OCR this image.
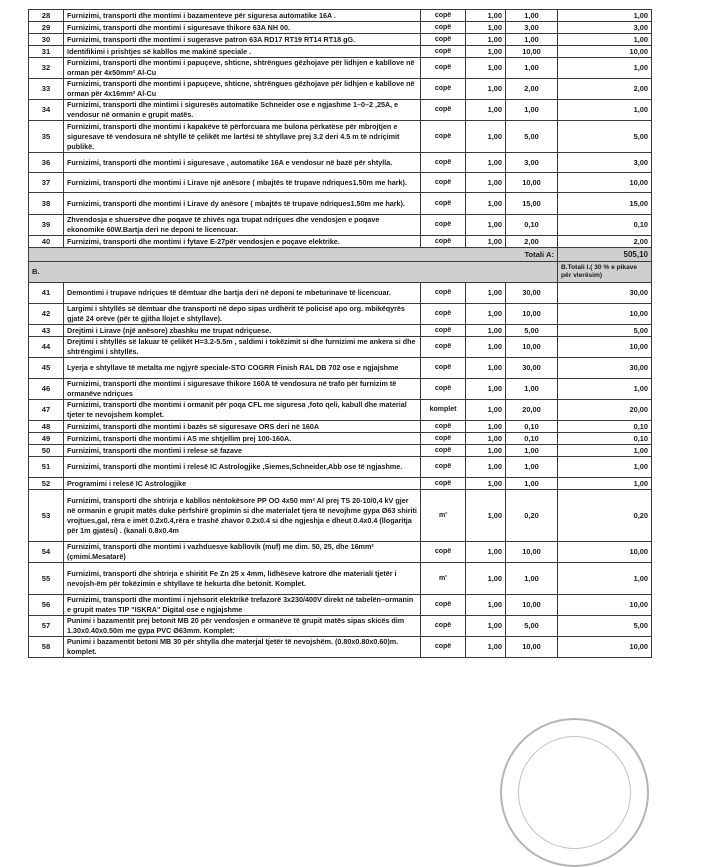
28	Furnizimi, transporti dhe montimi i bazamenteve për siguresa automatike 16A .	copë	1,00	1,00	1,00
29	Furnizimi, transporti dhe montimi i siguresave thikore 63A NH 00.	copë	1,00	3,00	3,00
30	Furnizimi, transporti dhe montimi i sugerasve patron 63A RD17 RT19 RT14 RT18 gG.	copë	1,00	1,00	1,00
31	Identifikimi i prishtjes së kabllos me makinë speciale .	copë	1,00	10,00	10,00
32	Furnizimi, transporti dhe montimi i papuçeve, shticne, shtrëngues gëzhojave për lidhjen e kabllove në orman për 4x50mm² Al-Cu	copë	1,00	1,00	1,00
33	Furnizimi, transporti dhe montimi i papuçeve, shticne, shtrëngues gëzhojave për lidhjen e kabllove në orman për 4x16mm² Al-Cu	copë	1,00	2,00	2,00
34	Furnizimi, transporti dhe mintimi i siguresës automatike Schneider ose e ngjashme 1–0–2 ,25A, e vendosur në ormanin e grupit matës.	copë	1,00	1,00	1,00
35	Furnizimi, transporti dhe montimi i kapakëve të përforcuara me bulona përkatëse për mbrojtjen e siguresave të vendosura në shtyllë të çelikët me lartësi të shtyllave prej 3.2 deri 4.5 m të ndriçimit publikë.	copë	1,00	5,00	5,00
36	Furnizimi, transporti dhe montimi i siguresave , automatike 16A e vendosur në bazë për shtylla.	copë	1,00	3,00	3,00
37	Furnizimi, transporti dhe montimi i Lirave një anësore ( mbajtës të trupave ndriques1.50m me hark).	copë	1,00	10,00	10,00
38	Furnizimi, transporti dhe montimi i Lirave dy anësore ( mbajtës të trupave ndriques1.50m me hark).	copë	1,00	15,00	15,00
39	Zhvendosja e shuersëve dhe poqave të zhivës nga trupat ndriçues dhe vendosjen e poqave ekonomike 60W.Bartja deri ne deponi te licencuar.	copë	1,00	0,10	0,10
40	Furnizimi, transporti dhe montimi i fytave E-27për vendosjen e poçave elektrike.	copë	1,00	2,00	2,00
Totali A:					505,10
B.					B.Totali I.( 30 % e pikave për vlerësim)
41	Demontimi i trupave ndriçues të dëmtuar dhe bartja deri në deponi te mbeturinave të licencuar.	copë	1,00	30,00	30,00
42	Largimi i shtyllës së dëmtuar dhe transporti në depo sipas urdhërit të policisë apo org. mbikëqyrës gjatë 24 orëve (për të gjitha llojet e shtyllave).	copë	1,00	10,00	10,00
43	Drejtimi i Lirave (një anësore) zbashku me trupat ndriçuese.	copë	1,00	5,00	5,00
44	Drejtimi i shtyllës së lakuar të çelikët H=3.2-5.5m , saldimi i tokëzimit si dhe furnizimi me ankera si dhe shtrëngimi i shtyllës.	copë	1,00	10,00	10,00
45	Lyerja e shtyllave të metalta me ngjyrë speciale-STO COGRR Finish RAL DB 702 ose e ngjajshme	copë	1,00	30,00	30,00
46	Furnizimi, transporti dhe montimi i siguresave thikore 160A të vendosura në trafo për furnizim të ormanëve ndriçues	copë	1,00	1,00	1,00
47	Furnizimi, transporti dhe montimi i ormanit për poqa CFL me siguresa ,foto qeli, kabull dhe material tjeter te nevojshem komplet.	komplet	1,00	20,00	20,00
48	Furnizimi, transporti dhe montimi i bazës së siguresave ORS deri në 160A	copë	1,00	0,10	0,10
49	Furnizimi, transporti dhe montimi i AS me shtjellim prej 100-160A.	copë	1,00	0,10	0,10
50	Furnizimi, transporti dhe montimi i relese së fazave	copë	1,00	1,00	1,00
51	Furnizimi, transporti dhe montimi i relesë IC Astrologjike ,Siemes,Schneider,Abb ose të ngjashme.	copë	1,00	1,00	1,00
52	Programimi i relesë IC Astrologjike	copë	1,00	1,00	1,00
53	Furnizimi, transporti dhe shtrirja e kabllos nëntokësore PP OO 4x50 mm² Al prej TS 20-10/0,4 kV gjer në ormanin e grupit matës duke përfshirë gropimin si dhe materialet tjera të nevojhme gypa Ø63 shiriti vrojtues,gal, rëra e imët 0.2x0.4,rëra e trashë zhavor 0.2x0.4 si dhe ngjeshja e dheut 0.4x0.4 (llogaritja për 1m gjatësi) . (kanali 0.8x0.4m	m'	1,00	0,20	0,20
54	Furnizimi, transporti dhe montimi i vazhduesve kabllovik (muf) me dim. 50, 25, dhe 16mm² (çmimi.Mesatarë)	copë	1,00	10,00	10,00
55	Furnizimi, transporti dhe shtrirja e shiritit Fe Zn 25 x 4mm, lidhëseve katrore dhe materiali tjetër i nevojsh-ëm për tokëzimin e shtyllave të hekurta dhe betonit. Komplet.	m'	1,00	1,00	1,00
56	Furnizimi, transporti dhe montimi i njehsorit elektrikë trefazorë 3x230/400V direkt në tabelën–ormanin e grupit mates TIP "ISKRA" Digital ose e ngjajshme	copë	1,00	10,00	10,00
57	Punimi i bazamentit prej betonit MB 20 për vendosjen e ormanëve të grupit matës sipas skicës dim 1.30x0.40x0.50m me gypa PVC Ø63mm. Komplet:	copë	1,00	5,00	5,00
58	Punimi i bazamentit betoni MB 30 për shtylla dhe materjal tjetër të nevojshëm. (0.80x0.80x0.60)m. komplet.	copë	1,00	10,00	10,00
